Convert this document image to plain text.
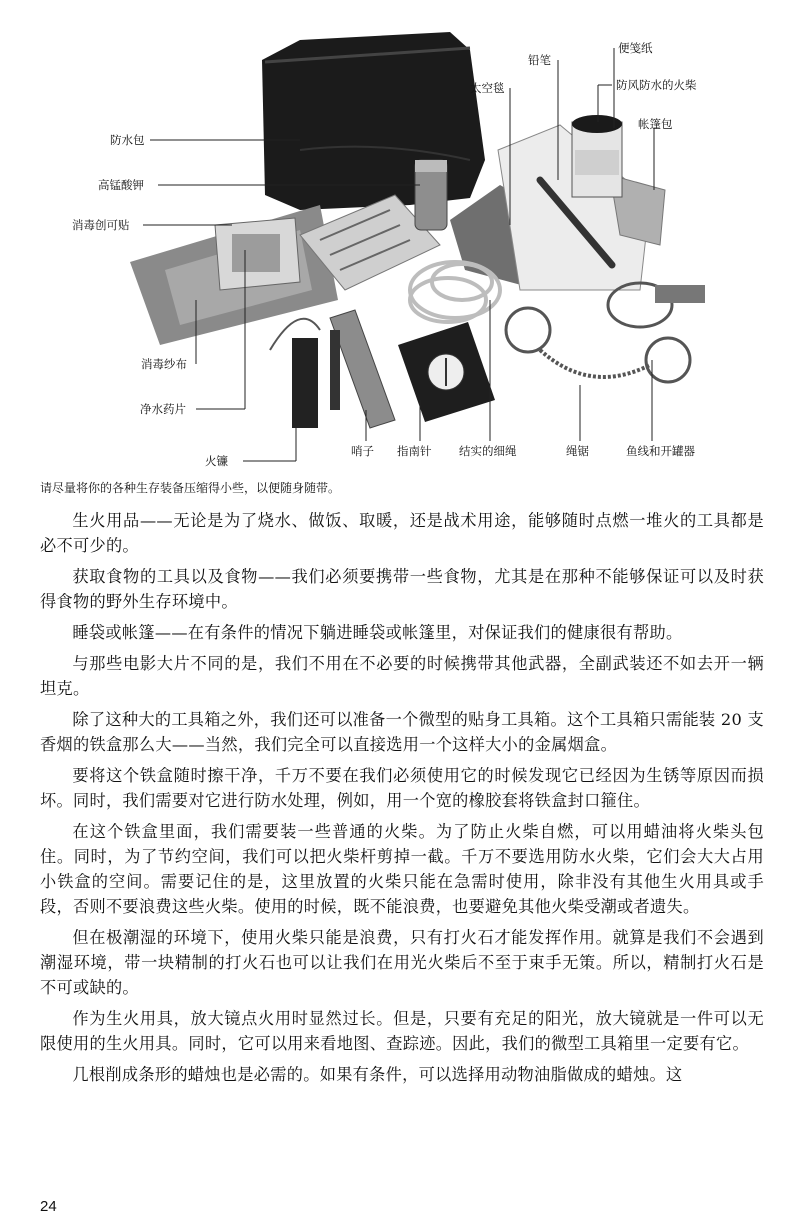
防水包
高锰酸钾
消毒创可贴
消毒纱布
净水药片
火镰
哨子 指南针 结实的细绳	绳锯	鱼线和开罐器
太空毯
铅笔
便笺纸
防风防水的火柴
帐篷包
请尽量将你的各种生存装备压缩得小些，以便随身随带。

生火用品——无论是为了烧水、做饭、取暖，还是战术用途，能够随时点燃一堆火的工具都是必不可少的。

获取食物的工具以及食物——我们必须要携带一些食物，尤其是在那种不能够保证可以及时获得食物的野外生存环境中。

睡袋或帐篷——在有条件的情况下躺进睡袋或帐篷里，对保证我们的健康很有帮助。

与那些电影大片不同的是，我们不用在不必要的时候携带其他武器，全副武装还不如去开一辆坦克。

除了这种大的工具箱之外，我们还可以准备一个微型的贴身工具箱。这个工具箱只需能装 20 支香烟的铁盒那么大——当然，我们完全可以直接选用一个这样大小的金属烟盒。

要将这个铁盒随时擦干净，千万不要在我们必须使用它的时候发现它已经因为生锈等原因而损坏。同时，我们需要对它进行防水处理，例如，用一个宽的橡胶套将铁盒封口箍住。

在这个铁盒里面，我们需要装一些普通的火柴。为了防止火柴自燃，可以用蜡油将火柴头包住。同时，为了节约空间，我们可以把火柴杆剪掉一截。千万不要选用防水火柴，它们会大大占用小铁盒的空间。需要记住的是，这里放置的火柴只能在急需时使用，除非没有其他生火用具或手段，否则不要浪费这些火柴。使用的时候，既不能浪费，也要避免其他火柴受潮或者遗失。

但在极潮湿的环境下，使用火柴只能是浪费，只有打火石才能发挥作用。就算是我们不会遇到潮湿环境，带一块精制的打火石也可以让我们在用光火柴后不至于束手无策。所以，精制打火石是不可或缺的。

作为生火用具，放大镜点火用时显然过长。但是，只要有充足的阳光，放大镜就是一件可以无限使用的生火用具。同时，它可以用来看地图、查踪迹。因此，我们的微型工具箱里一定要有它。

几根削成条形的蜡烛也是必需的。如果有条件，可以选择用动物油脂做成的蜡烛。这

24
